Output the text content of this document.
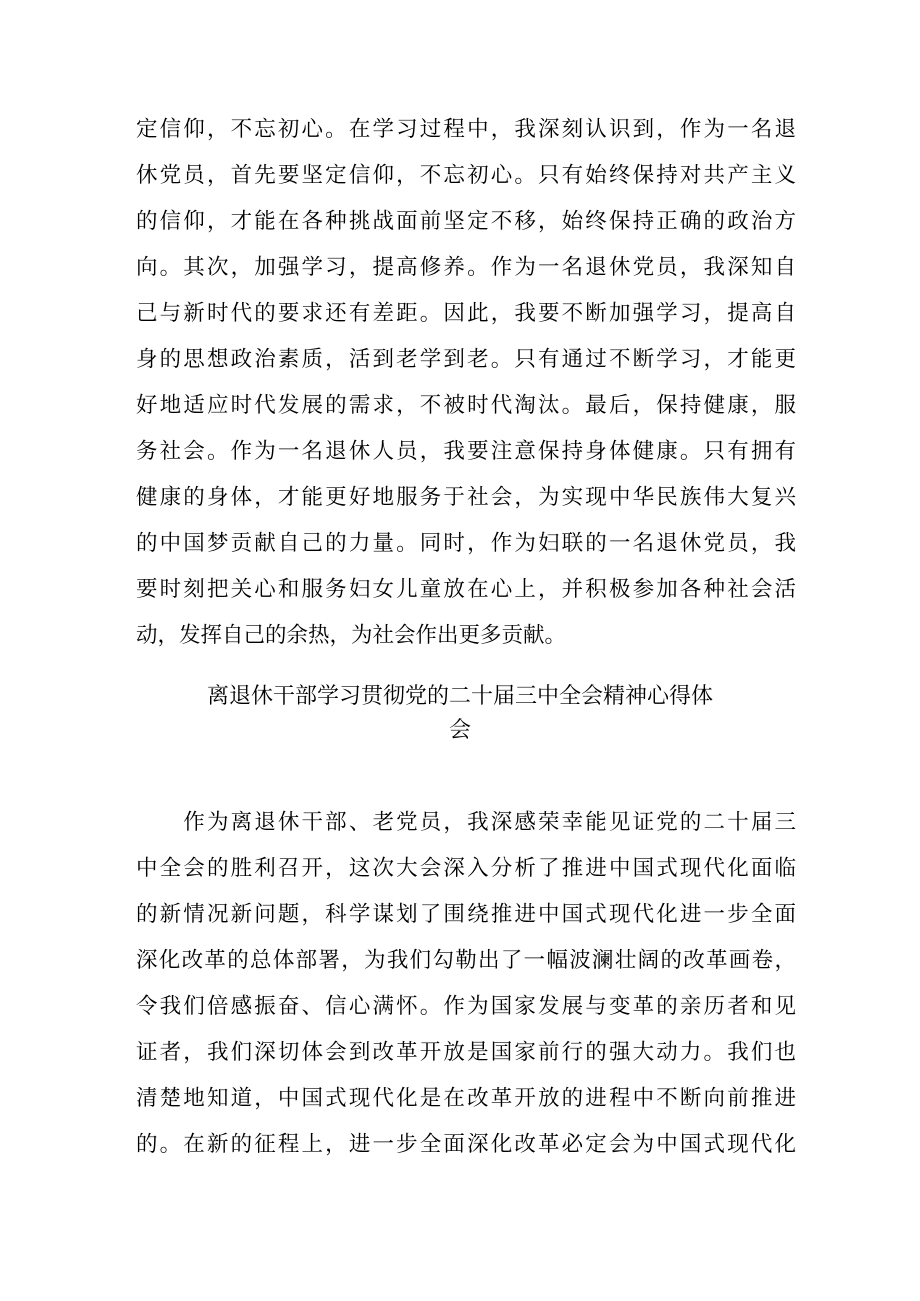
定信仰，不忘初心。在学习过程中，我深刻认识到，作为一名退
休党员，首先要坚定信仰，不忘初心。只有始终保持对共产主义
的信仰，才能在各种挑战面前坚定不移，始终保持正确的政治方
向。其次，加强学习，提高修养。作为一名退休党员，我深知自
己与新时代的要求还有差距。因此，我要不断加强学习，提高自
身的思想政治素质，活到老学到老。只有通过不断学习，才能更
好地适应时代发展的需求，不被时代淘汰。最后，保持健康，服
务社会。作为一名退休人员，我要注意保持身体健康。只有拥有
健康的身体，才能更好地服务于社会，为实现中华民族伟大复兴
的中国梦贡献自己的力量。同时，作为妇联的一名退休党员，我
要时刻把关心和服务妇女儿童放在心上，并积极参加各种社会活
动，发挥自己的余热，为社会作出更多贡献。
离退休干部学习贯彻党的二十届三中全会精神心得体
会
　　作为离退休干部、老党员，我深感荣幸能见证党的二十届三
中全会的胜利召开，这次大会深入分析了推进中国式现代化面临
的新情况新问题，科学谋划了围绕推进中国式现代化进一步全面
深化改革的总体部署，为我们勾勒出了一幅波澜壮阔的改革画卷，
令我们倍感振奋、信心满怀。作为国家发展与变革的亲历者和见
证者，我们深切体会到改革开放是国家前行的强大动力。我们也
清楚地知道，中国式现代化是在改革开放的进程中不断向前推进
的。在新的征程上，进一步全面深化改革必定会为中国式现代化
